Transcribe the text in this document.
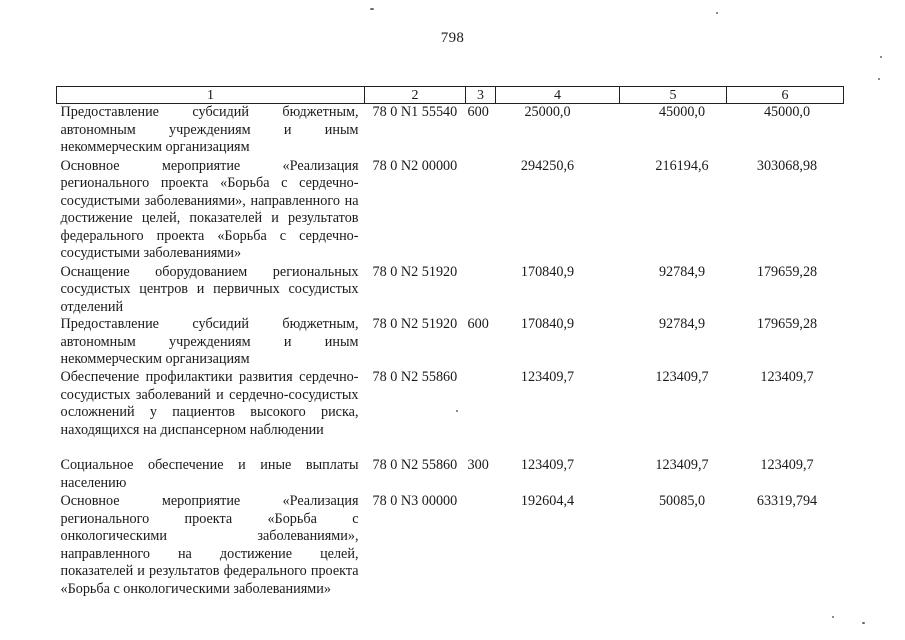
798
1	2	3	4	5	6
Предоставление субсидий бюджетным, автономным учреждениям и иным некоммерческим организациям	78 0 N1 55540	600	25000,0	45000,0	45000,0
Основное мероприятие «Реализация регионального проекта «Борьба с сердечно-сосудистыми заболеваниями», направленного на достижение целей, показателей и результатов федерального проекта «Борьба с сердечно-сосудистыми заболеваниями»	78 0 N2 00000		294250,6	216194,6	303068,98
Оснащение оборудованием региональных сосудистых центров и первичных сосудистых отделений	78 0 N2 51920		170840,9	92784,9	179659,28
Предоставление субсидий бюджетным, автономным учреждениям и иным некоммерческим организациям	78 0 N2 51920	600	170840,9	92784,9	179659,28
Обеспечение профилактики развития сердечно-сосудистых заболеваний и сердечно-сосудистых осложнений у пациентов высокого риска, находящихся на диспансерном наблюдении	78 0 N2 55860		123409,7	123409,7	123409,7
Социальное обеспечение и иные выплаты населению	78 0 N2 55860	300	123409,7	123409,7	123409,7
Основное мероприятие «Реализация регионального проекта «Борьба с онкологическими заболеваниями», направленного на достижение целей, показателей и результатов федерального проекта «Борьба с онкологическими заболеваниями»	78 0 N3 00000		192604,4	50085,0	63319,794
